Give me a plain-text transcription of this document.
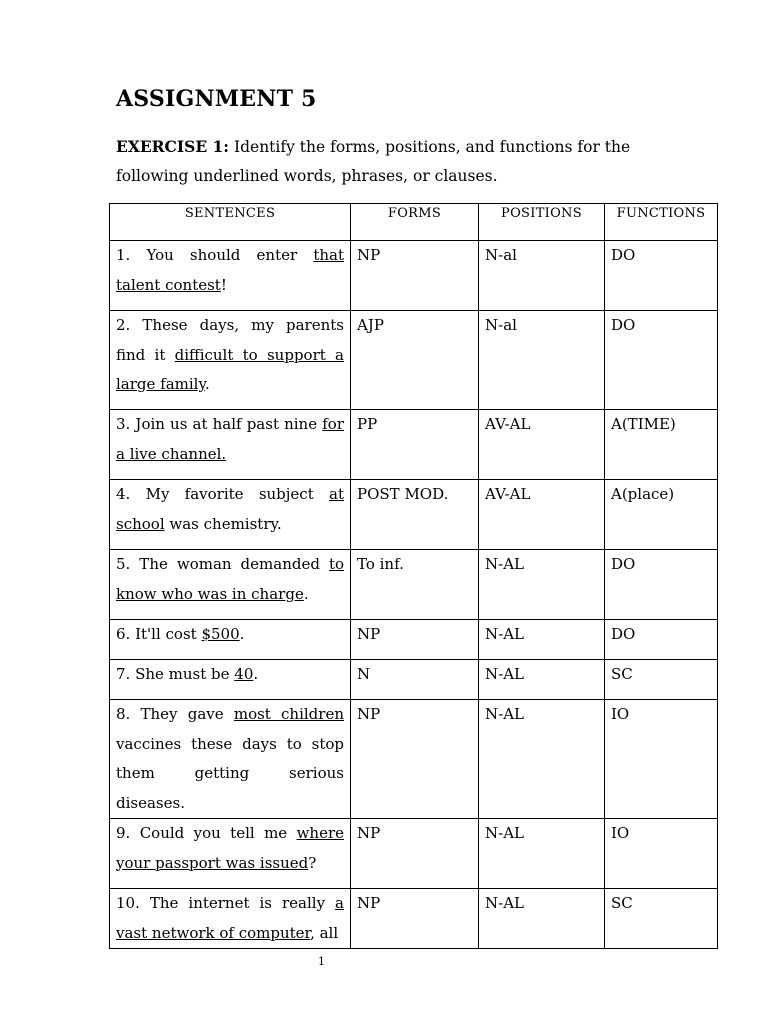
ASSIGNMENT 5
EXERCISE 1: Identify the forms, positions, and functions for the following underlined words, phrases, or clauses.
SENTENCES	FORMS	POSITIONS	FUNCTIONS
1. You should enter that talent contest!	NP	N-al	DO
2. These days, my parents find it difficult to support a large family.	AJP	N-al	DO
3. Join us at half past nine for a live channel.	PP	AV-AL	A(TIME)
4. My favorite subject at school was chemistry.	POST MOD.	AV-AL	A(place)
5. The woman demanded to know who was in charge.	To inf.	N-AL	DO
6. It'll cost $500.	NP	N-AL	DO
7. She must be 40.	N	N-AL	SC
8. They gave most children vaccines these days to stop them getting serious diseases.	NP	N-AL	IO
9. Could you tell me where your passport was issued?	NP	N-AL	IO
10. The internet is really a vast network of computer, all	NP	N-AL	SC
1
